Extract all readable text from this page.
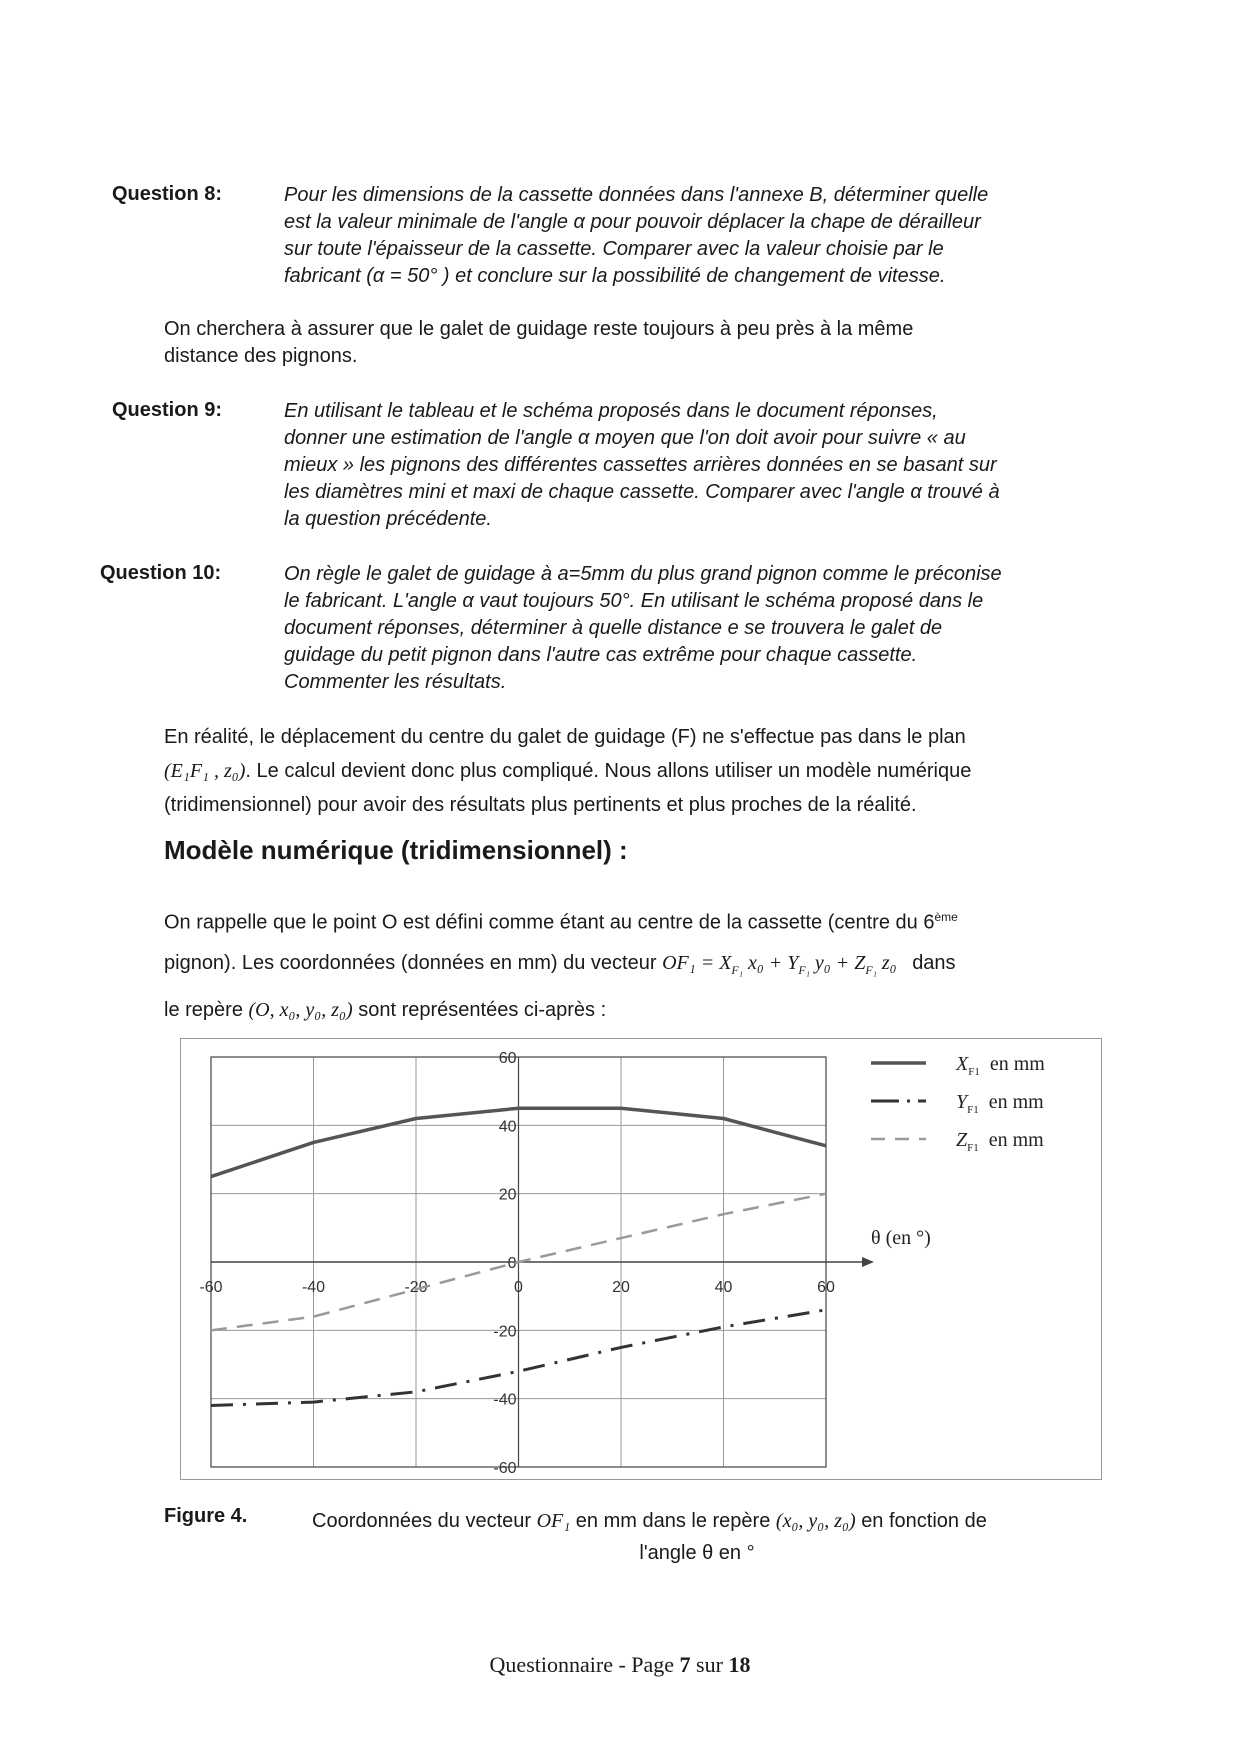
Question 8:	Pour les dimensions de la cassette données dans l'annexe B, déterminer quelle
est la valeur minimale de l'angle α pour pouvoir déplacer la chape de dérailleur
sur toute l'épaisseur de la cassette. Comparer avec la valeur choisie par le
fabricant (α = 50° ) et conclure sur la possibilité de changement de vitesse.
On cherchera à assurer que le galet de guidage reste toujours à peu près à la même
distance des pignons.
Question 9:	En utilisant le tableau et le schéma proposés dans le document réponses,
donner une estimation de l'angle α moyen que l'on doit avoir pour suivre « au
mieux » les pignons des différentes cassettes arrières données en se basant sur
les diamètres mini et maxi de chaque cassette. Comparer avec l'angle α trouvé à
la question précédente.
Question 10:	On règle le galet de guidage à a=5mm du plus grand pignon comme le préconise
le fabricant. L'angle α vaut toujours 50°. En utilisant le schéma proposé dans le
document réponses, déterminer à quelle distance e se trouvera le galet de
guidage du petit pignon dans l'autre cas extrême pour chaque cassette.
Commenter les résultats.
En réalité, le déplacement du centre du galet de guidage (F) ne s'effectue pas dans le plan
(E₁F₁ , z₀). Le calcul devient donc plus compliqué. Nous allons utiliser un modèle numérique
(tridimensionnel) pour avoir des résultats plus pertinents et plus proches de la réalité.
Modèle numérique (tridimensionnel) :
On rappelle que le point O est défini comme étant au centre de la cassette (centre du 6ème
pignon). Les coordonnées (données en mm) du vecteur $OF_1 = X_{F_1}$ $x_0 + Y_{F_1}$ $y_0 + Z_{F_1}$ z₀ dans
le repère (O, x₀, y₀, z₀) sont représentées ci-après :
-60	-40	-20	0	20	40	60
60
40
20
0
-20
-40
-60
θ (en °)
$X_{F1}$ en mm
$Y_{F1}$ en mm
$Z_{F1}$ en mm
Figure 4.	Coordonnées du vecteur OF₁ en mm dans le repère (x₀, y₀, z₀) en fonction de
l'angle θ en °
Questionnaire - Page 7 sur 18
